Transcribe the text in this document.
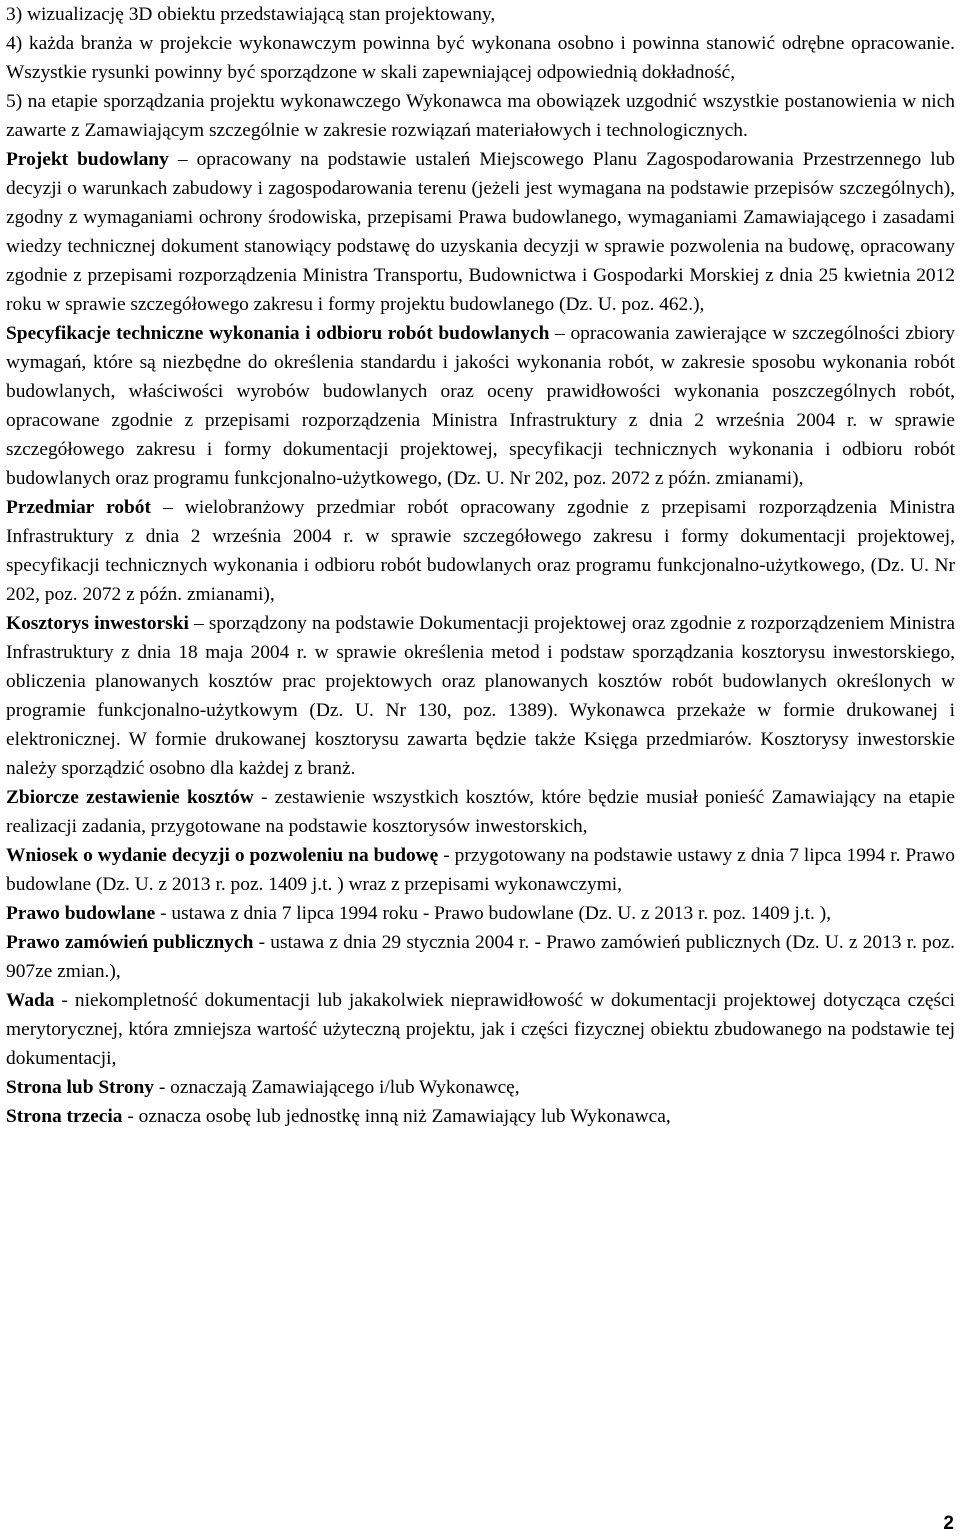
3) wizualizację 3D obiektu przedstawiającą stan projektowany,

4) każda branża w projekcie wykonawczym powinna być wykonana osobno i powinna stanowić odrębne opracowanie. Wszystkie rysunki powinny być sporządzone w skali zapewniającej odpowiednią dokładność,

5) na etapie sporządzania projektu wykonawczego Wykonawca ma obowiązek uzgodnić wszystkie postanowienia w nich zawarte z Zamawiającym szczególnie w zakresie rozwiązań materiałowych i technologicznych.

Projekt budowlany – opracowany na podstawie ustaleń Miejscowego Planu Zagospodarowania Przestrzennego lub decyzji o warunkach zabudowy i zagospodarowania terenu (jeżeli jest wymagana na podstawie przepisów szczególnych), zgodny z wymaganiami ochrony środowiska, przepisami Prawa budowlanego, wymaganiami Zamawiającego i zasadami wiedzy technicznej dokument stanowiący podstawę do uzyskania decyzji w sprawie pozwolenia na budowę, opracowany zgodnie z przepisami rozporządzenia Ministra Transportu, Budownictwa i Gospodarki Morskiej z dnia 25 kwietnia 2012 roku w sprawie szczegółowego zakresu i formy projektu budowlanego (Dz. U. poz. 462.),

Specyfikacje techniczne wykonania i odbioru robót budowlanych – opracowania zawierające w szczególności zbiory wymagań, które są niezbędne do określenia standardu i jakości wykonania robót, w zakresie sposobu wykonania robót budowlanych, właściwości wyrobów budowlanych oraz oceny prawidłowości wykonania poszczególnych robót, opracowane zgodnie z przepisami rozporządzenia Ministra Infrastruktury z dnia 2 września 2004 r. w sprawie szczegółowego zakresu i formy dokumentacji projektowej, specyfikacji technicznych wykonania i odbioru robót budowlanych oraz programu funkcjonalno-użytkowego, (Dz. U. Nr 202, poz. 2072 z późn. zmianami),

Przedmiar robót – wielobranżowy przedmiar robót opracowany zgodnie z przepisami rozporządzenia Ministra Infrastruktury z dnia 2 września 2004 r. w sprawie szczegółowego zakresu i formy dokumentacji projektowej, specyfikacji technicznych wykonania i odbioru robót budowlanych oraz programu funkcjonalno-użytkowego, (Dz. U. Nr 202, poz. 2072 z późn. zmianami),

Kosztorys inwestorski – sporządzony na podstawie Dokumentacji projektowej oraz zgodnie z rozporządzeniem Ministra Infrastruktury z dnia 18 maja 2004 r. w sprawie określenia metod i podstaw sporządzania kosztorysu inwestorskiego, obliczenia planowanych kosztów prac projektowych oraz planowanych kosztów robót budowlanych określonych w programie funkcjonalno-użytkowym (Dz. U. Nr 130, poz. 1389). Wykonawca przekaże w formie drukowanej i elektronicznej. W formie drukowanej kosztorysu zawarta będzie także Księga przedmiarów. Kosztorysy inwestorskie należy sporządzić osobno dla każdej z branż.

Zbiorcze zestawienie kosztów - zestawienie wszystkich kosztów, które będzie musiał ponieść Zamawiający na etapie realizacji zadania, przygotowane na podstawie kosztorysów inwestorskich,

Wniosek o wydanie decyzji o pozwoleniu na budowę - przygotowany na podstawie ustawy z dnia 7 lipca 1994 r. Prawo budowlane (Dz. U. z 2013 r. poz. 1409 j.t. ) wraz z przepisami wykonawczymi,

Prawo budowlane - ustawa z dnia 7 lipca 1994 roku - Prawo budowlane (Dz. U. z 2013 r. poz. 1409 j.t. ),

Prawo zamówień publicznych - ustawa z dnia 29 stycznia 2004 r. - Prawo zamówień publicznych (Dz. U. z 2013 r. poz. 907ze zmian.),

Wada - niekompletność dokumentacji lub jakakolwiek nieprawidłowość w dokumentacji projektowej dotycząca części merytorycznej, która zmniejsza wartość użyteczną projektu, jak i części fizycznej obiektu zbudowanego na podstawie tej dokumentacji,

Strona lub Strony - oznaczają Zamawiającego i/lub Wykonawcę,

Strona trzecia - oznacza osobę lub jednostkę inną niż Zamawiający lub Wykonawca,

2
